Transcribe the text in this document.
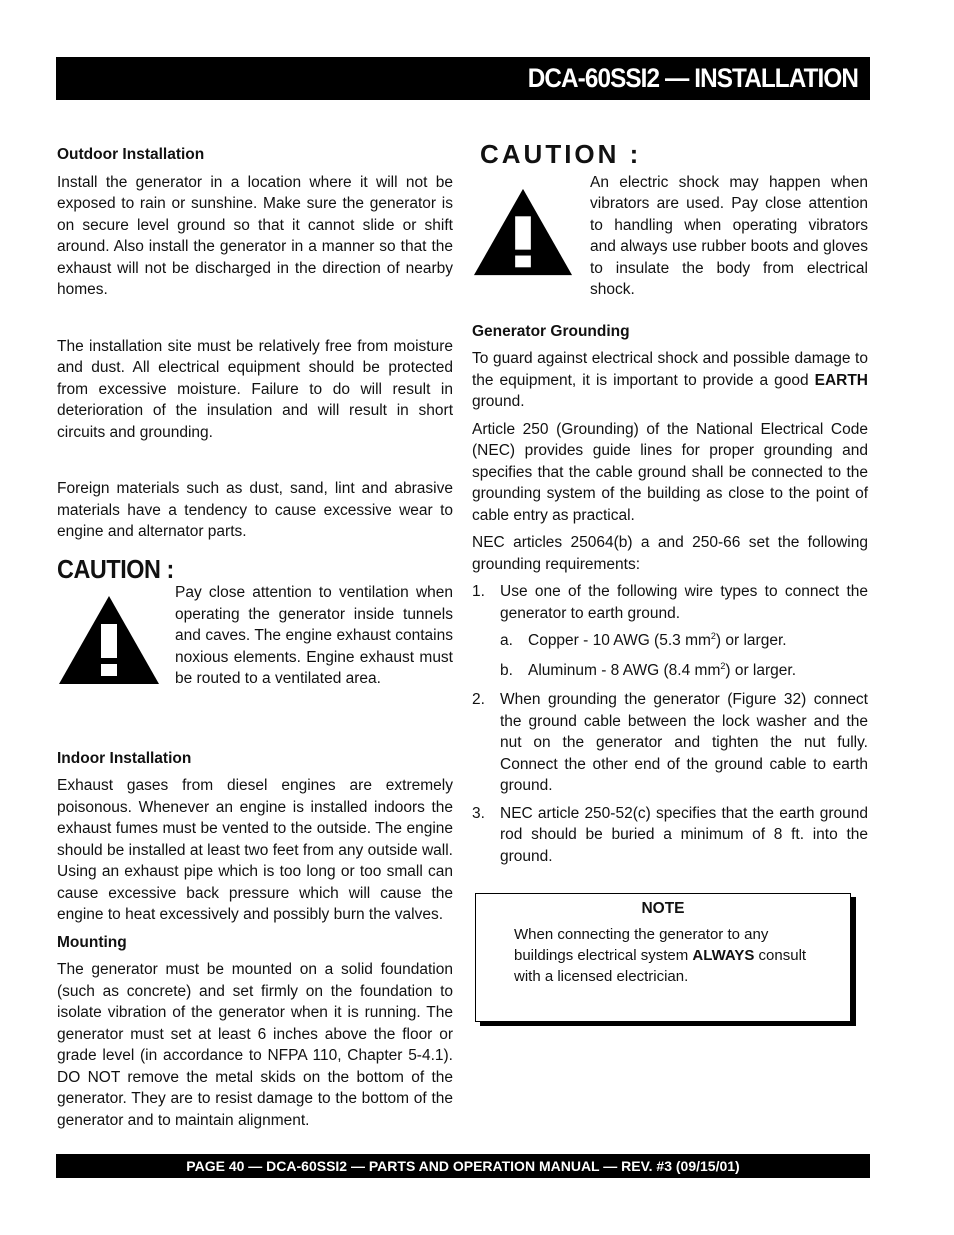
DCA-60SSI2 — INSTALLATION
Outdoor Installation

Install the generator in a location where it will not be exposed to rain or sunshine. Make sure the generator is on secure level ground so that it cannot slide or shift around. Also install the generator in a manner so that the exhaust will not be discharged in the direction of nearby homes.

The installation site must be relatively free from moisture and dust. All electrical equipment should be protected from excessive moisture. Failure to do will result in deterioration of the insulation and will result in short circuits and grounding.

Foreign materials such as dust, sand, lint and abrasive materials have a tendency to cause excessive wear to engine and alternator parts.

CAUTION :

Pay close attention to ventilation when operating the generator inside tunnels and caves. The engine exhaust contains noxious elements. Engine exhaust must be routed to a ventilated area.

Indoor Installation

Exhaust gases from diesel engines are extremely poisonous. Whenever an engine is installed indoors the exhaust fumes must be vented to the outside. The engine should be installed at least two feet from any outside wall. Using an exhaust pipe which is too long or too small can cause excessive back pressure which will cause the engine to heat excessively and possibly burn the valves.

Mounting

The generator must be mounted on a solid foundation (such as concrete) and set firmly on the foundation to isolate vibration of the generator when it is running. The generator must set at least 6 inches above the floor or grade level (in accordance to NFPA 110, Chapter 5-4.1). DO NOT remove the metal skids on the bottom of the generator. They are to resist damage to the bottom of the generator and to maintain alignment.

CAUTION :

An electric shock may happen when vibrators are used. Pay close attention to handling when operating vibrators and always use rubber boots and gloves to insulate the body from electrical shock.

Generator Grounding

To guard against electrical shock and possible damage to the equipment, it is important to provide a good EARTH ground.

Article 250 (Grounding) of the National Electrical Code (NEC) provides guide lines for proper grounding and specifies that the cable ground shall be connected to the grounding system of the building as close to the point of cable entry as practical.

NEC articles 25064(b) a and 250-66 set the following grounding requirements:

1. Use one of the following wire types to connect the generator to earth ground.
a. Copper - 10 AWG (5.3 $mm^2$) or larger.
b. Aluminum - 8 AWG (8.4 $mm^2$) or larger.
2. When grounding the generator (Figure 32) connect the ground cable between the lock washer and the nut on the generator and tighten the nut fully. Connect the other end of the ground cable to earth ground.
3. NEC article 250-52(c) specifies that the earth ground rod should be buried a minimum of 8 ft. into the ground.
NOTE
When connecting the generator to any buildings electrical system ALWAYS consult with a licensed electrician.
PAGE 40 — DCA-60SSI2 — PARTS AND OPERATION MANUAL — REV. #3 (09/15/01)
